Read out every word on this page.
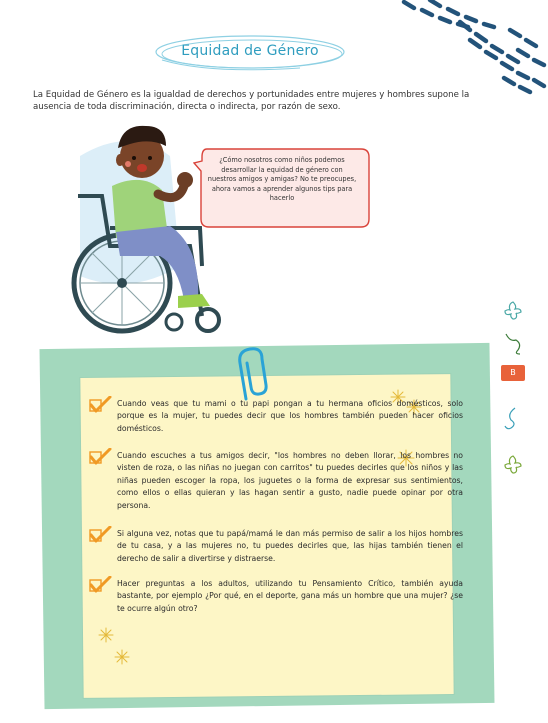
Equidad de Género
La Equidad de Género es la igualdad de derechos y portunidades entre mujeres y hombres supone la ausencia de toda discriminación, directa o indirecta, por razón de sexo.
¿Cómo nosotros como niños podemos desarrollar la equidad de género con nuestros amigos y amigas? No te preocupes, ahora vamos a aprender algunos tips para hacerlo
B

Cuando veas que tu mami o tu papi pongan a tu hermana oficios domésticos, solo porque es la mujer, tu puedes decir que los hombres también pueden hacer oficios domésticos.

Cuando escuches a tus amigos decir, "los hombres no deben llorar, los hombres no visten de roza, o las niñas no juegan con carritos" tu puedes decirles que los niños y las niñas pueden escoger la ropa, los juguetes o la forma de expresar sus sentimientos, como ellos o ellas quieran y las hagan sentir a gusto, nadie puede opinar por otra persona.

Si alguna vez, notas que tu papá/mamá le dan más permiso de salir a los hijos hombres de tu casa, y a las mujeres no, tu puedes decirles que, las hijas también tienen el derecho de salir a divertirse y distraerse.

Hacer preguntas a los adultos, utilizando tu Pensamiento Crítico, también ayuda bastante, por ejemplo ¿Por qué, en el deporte, gana más un hombre que una mujer? ¿se te ocurre algún otro?
